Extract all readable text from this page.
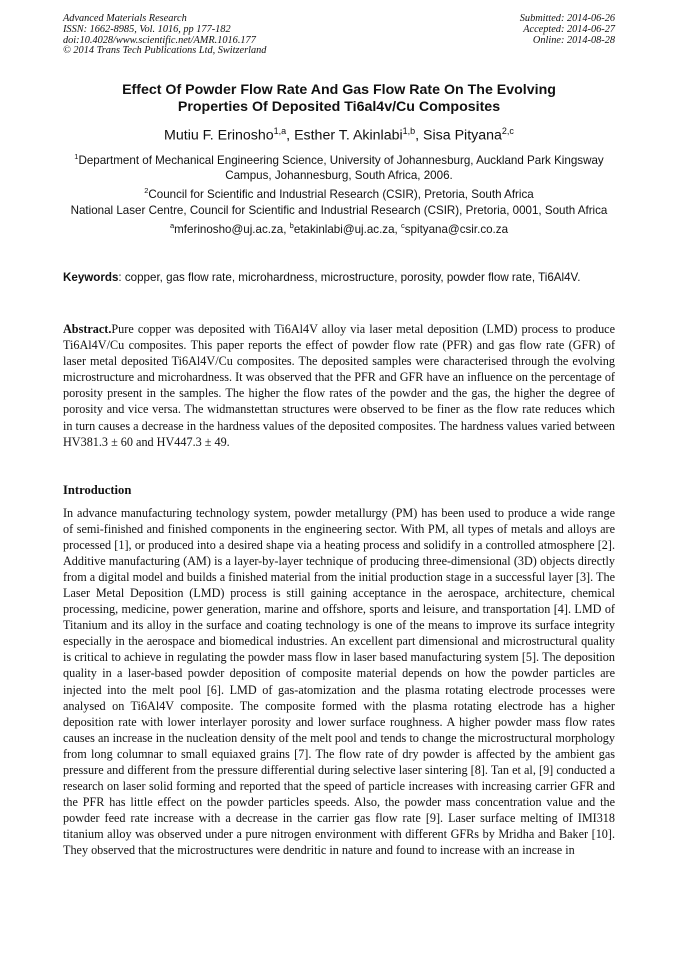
Advanced Materials Research
ISSN: 1662-8985, Vol. 1016, pp 177-182
doi:10.4028/www.scientific.net/AMR.1016.177
© 2014 Trans Tech Publications Ltd, Switzerland
Submitted: 2014-06-26
Accepted: 2014-06-27
Online: 2014-08-28
Effect Of Powder Flow Rate And Gas Flow Rate On The Evolving
Properties Of Deposited Ti6al4v/Cu Composites
Mutiu F. Erinosho$^{1,a}$, Esther T. Akinlabi$^{1,b}$, Sisa Pityana$^{2,c}$
$^1$Department of Mechanical Engineering Science, University of Johannesburg, Auckland Park Kingsway Campus, Johannesburg, South Africa, 2006.
$^2$Council for Scientific and Industrial Research (CSIR), Pretoria, South Africa
National Laser Centre, Council for Scientific and Industrial Research (CSIR), Pretoria, 0001, South Africa
$^a$mferinosho@uj.ac.za, $^b$etakinlabi@uj.ac.za, $^c$spityana@csir.co.za
Keywords: copper, gas flow rate, microhardness, microstructure, porosity, powder flow rate, Ti6Al4V.
Abstract.Pure copper was deposited with Ti6Al4V alloy via laser metal deposition (LMD) process to produce Ti6Al4V/Cu composites. This paper reports the effect of powder flow rate (PFR) and gas flow rate (GFR) of laser metal deposited Ti6Al4V/Cu composites. The deposited samples were characterised through the evolving microstructure and microhardness. It was observed that the PFR and GFR have an influence on the percentage of porosity present in the samples. The higher the flow rates of the powder and the gas, the higher the degree of porosity and vice versa. The widmanstettan structures were observed to be finer as the flow rate reduces which in turn causes a decrease in the hardness values of the deposited composites. The hardness values varied between HV381.3 ± 60 and HV447.3 ± 49.
Introduction

In advance manufacturing technology system, powder metallurgy (PM) has been used to produce a wide range of semi-finished and finished components in the engineering sector. With PM, all types of metals and alloys are processed [1], or produced into a desired shape via a heating process and solidify in a controlled atmosphere [2]. Additive manufacturing (AM) is a layer-by-layer technique of producing three-dimensional (3D) objects directly from a digital model and builds a finished material from the initial production stage in a successful layer [3]. The Laser Metal Deposition (LMD) process is still gaining acceptance in the aerospace, architecture, chemical processing, medicine, power generation, marine and offshore, sports and leisure, and transportation [4]. LMD of Titanium and its alloy in the surface and coating technology is one of the means to improve its surface integrity especially in the aerospace and biomedical industries. An excellent part dimensional and microstructural quality is critical to achieve in regulating the powder mass flow in laser based manufacturing system [5]. The deposition quality in a laser-based powder deposition of composite material depends on how the powder particles are injected into the melt pool [6]. LMD of gas-atomization and the plasma rotating electrode processes were analysed on Ti6Al4V composite. The composite formed with the plasma rotating electrode has a higher deposition rate with lower interlayer porosity and lower surface roughness. A higher powder mass flow rates causes an increase in the nucleation density of the melt pool and tends to change the microstructural morphology from long columnar to small equiaxed grains [7]. The flow rate of dry powder is affected by the ambient gas pressure and different from the pressure differential during selective laser sintering [8]. Tan et al, [9] conducted a research on laser solid forming and reported that the speed of particle increases with increasing carrier GFR and the PFR has little effect on the powder particles speeds. Also, the powder mass concentration value and the powder feed rate increase with a decrease in the carrier gas flow rate [9]. Laser surface melting of IMI318 titanium alloy was observed under a pure nitrogen environment with different GFRs by Mridha and Baker [10]. They observed that the microstructures were dendritic in nature and found to increase with an increase in
